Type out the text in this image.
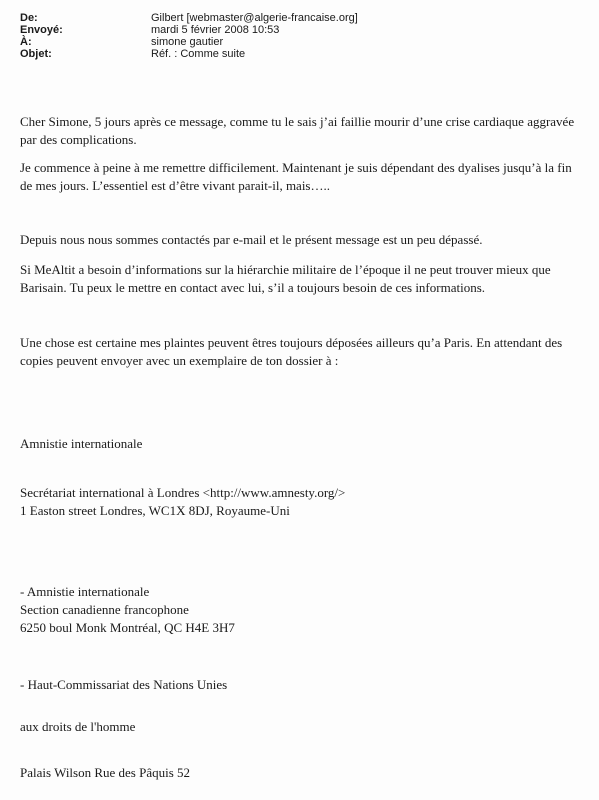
De:	Gilbert [webmaster@algerie-francaise.org]
Envoyé:	mardi 5 février 2008 10:53
À:	simone gautier
Objet:	Réf. : Comme suite
Cher Simone, 5 jours après ce message, comme tu le sais j’ai faillie mourir d’une crise cardiaque aggravée
par des complications.
Je commence à peine à me remettre difficilement. Maintenant je suis dépendant des dyalises jusqu’à la fin
de mes jours. L’essentiel est d’être vivant parait-il, mais…..
Depuis nous nous sommes contactés par e-mail et le présent message est un peu dépassé.
Si MeAltit a besoin d’informations sur la hiérarchie militaire de l’époque il ne peut trouver mieux que
Barisain. Tu peux le mettre en contact avec lui, s’il a toujours besoin de ces informations.
Une chose est certaine mes plaintes peuvent êtres toujours déposées ailleurs qu’a Paris. En attendant des
copies peuvent envoyer avec un exemplaire de ton dossier à :
Amnistie internationale
Secrétariat international à Londres <http://www.amnesty.org/>
1 Easton street Londres, WC1X 8DJ, Royaume-Uni
- Amnistie internationale
Section canadienne francophone
6250 boul Monk Montréal, QC H4E 3H7
- Haut-Commissariat des Nations Unies
aux droits de l'homme
Palais Wilson Rue des Pâquis 52
